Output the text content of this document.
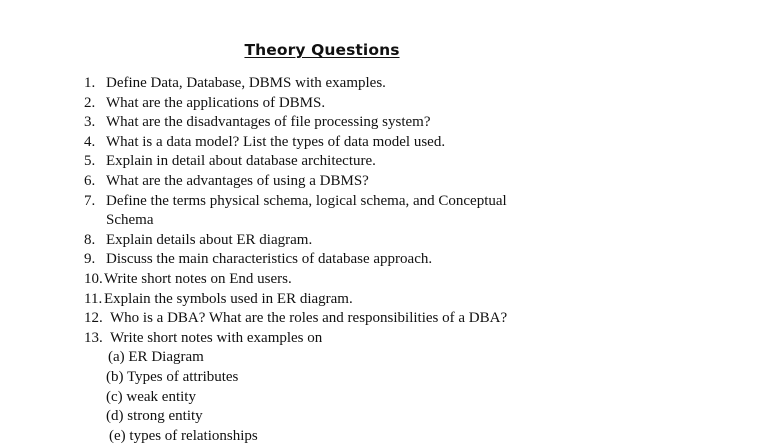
Theory Questions
1. Define Data, Database, DBMS with examples.
2. What are the applications of DBMS.
3. What are the disadvantages of file processing system?
4. What is a data model? List the types of data model used.
5. Explain in detail about database architecture.
6. What are the advantages of using a DBMS?
7. Define the terms physical schema, logical schema, and Conceptual
Schema
8. Explain details about ER diagram.
9. Discuss the main characteristics of database approach.
10.Write short notes on End users.
11. Explain the symbols used in ER diagram.
12. Who is a DBA? What are the roles and responsibilities of a DBA?
13. Write short notes with examples on
(a) ER Diagram
(b) Types of attributes
(c) weak entity
(d) strong entity
(e) types of relationships
